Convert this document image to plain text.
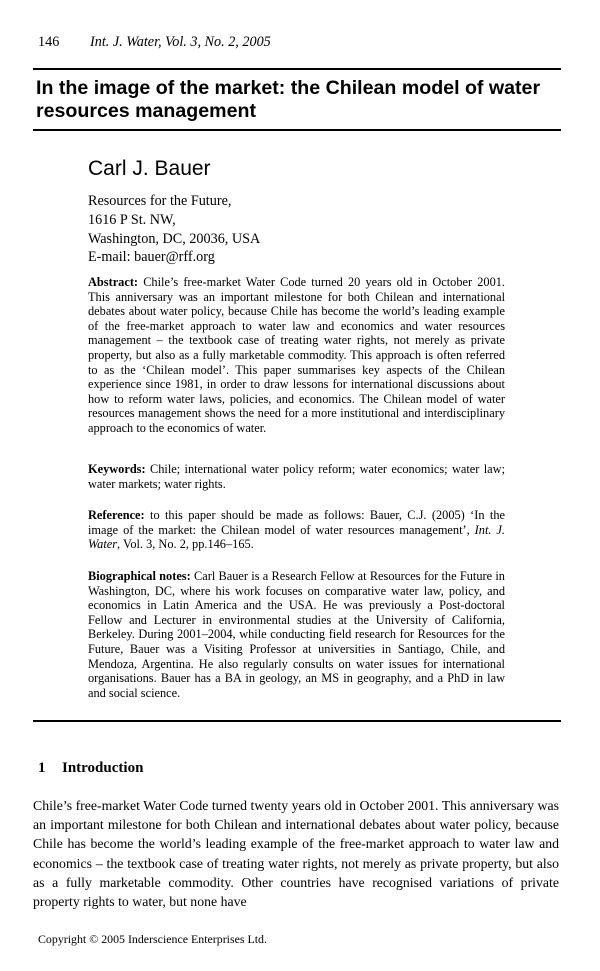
146 Int. J. Water, Vol. 3, No. 2, 2005
In the image of the market: the Chilean model of water resources management
Carl J. Bauer
Resources for the Future,
1616 P St. NW,
Washington, DC, 20036, USA
E-mail: bauer@rff.org

Abstract: Chile’s free-market Water Code turned 20 years old in October 2001. This anniversary was an important milestone for both Chilean and international debates about water policy, because Chile has become the world’s leading example of the free-market approach to water law and economics and water resources management – the textbook case of treating water rights, not merely as private property, but also as a fully marketable commodity. This approach is often referred to as the ‘Chilean model’. This paper summarises key aspects of the Chilean experience since 1981, in order to draw lessons for international discussions about how to reform water laws, policies, and economics. The Chilean model of water resources management shows the need for a more institutional and interdisciplinary approach to the economics of water.

Keywords: Chile; international water policy reform; water economics; water law; water markets; water rights.

Reference: to this paper should be made as follows: Bauer, C.J. (2005) ‘In the image of the market: the Chilean model of water resources management’, Int. J. Water, Vol. 3, No. 2, pp.146–165.

Biographical notes: Carl Bauer is a Research Fellow at Resources for the Future in Washington, DC, where his work focuses on comparative water law, policy, and economics in Latin America and the USA. He was previously a Post-doctoral Fellow and Lecturer in environmental studies at the University of California, Berkeley. During 2001–2004, while conducting field research for Resources for the Future, Bauer was a Visiting Professor at universities in Santiago, Chile, and Mendoza, Argentina. He also regularly consults on water issues for international organisations. Bauer has a BA in geology, an MS in geography, and a PhD in law and social science.

1 Introduction

Chile’s free-market Water Code turned twenty years old in October 2001. This anniversary was an important milestone for both Chilean and international debates about water policy, because Chile has become the world’s leading example of the free-market approach to water law and economics – the textbook case of treating water rights, not merely as private property, but also as a fully marketable commodity. Other countries have recognised variations of private property rights to water, but none have

Copyright © 2005 Inderscience Enterprises Ltd.
